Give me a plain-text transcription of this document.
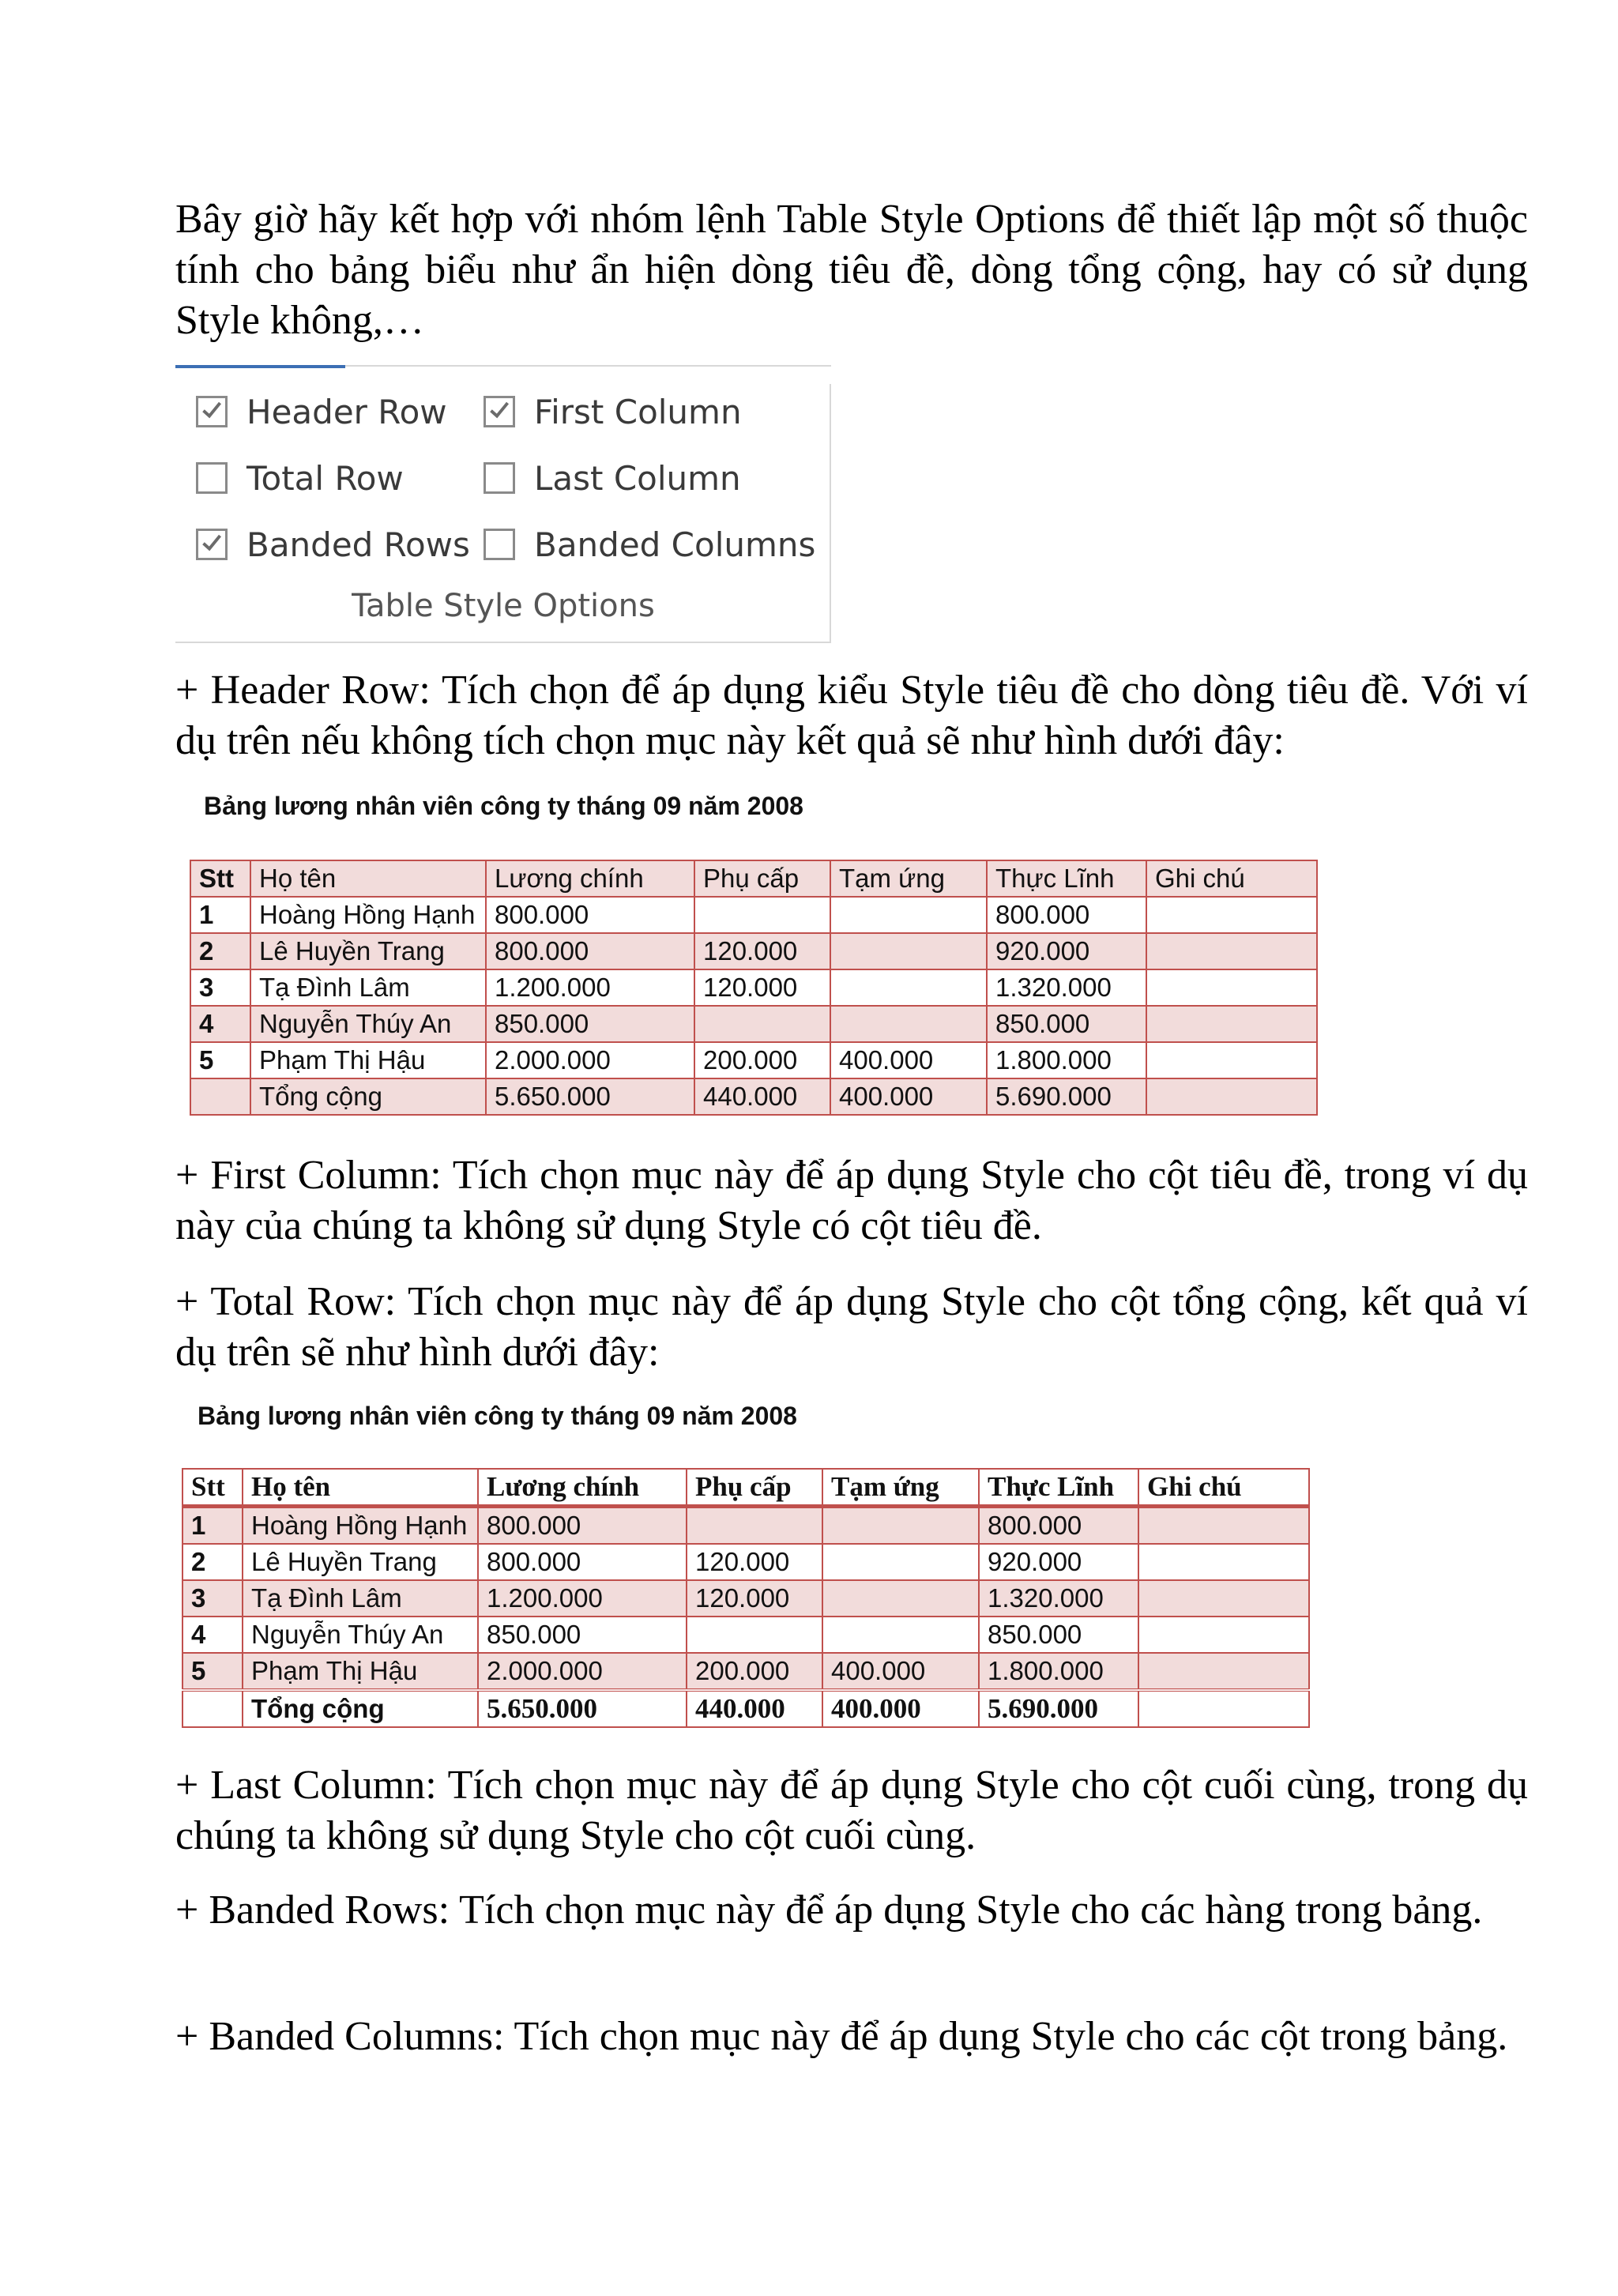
Bây giờ hãy kết hợp với nhóm lệnh Table Style Options để thiết lập một số thuộc tính cho bảng biểu như ẩn hiện dòng tiêu đề, dòng tổng cộng, hay có sử dụng Style không,…
Header Row	First Column
Total Row	Last Column
Banded Rows Banded Columns
Table Style Options
+ Header Row: Tích chọn để áp dụng kiểu Style tiêu đề cho dòng tiêu đề. Với ví dụ trên nếu không tích chọn mục này kết quả sẽ như hình dưới đây:
Bảng lương nhân viên công ty tháng 09 năm 2008
Stt	Họ tên	Lương chính	Phụ cấp	Tạm ứng	Thực Lĩnh	Ghi chú
1	Hoàng Hồng Hạnh	800.000			800.000	
2	Lê Huyền Trang	800.000	120.000		920.000	
3	Tạ Đình Lâm	1.200.000	120.000		1.320.000	
4	Nguyễn Thúy An	850.000			850.000	
5	Phạm Thị Hậu	2.000.000	200.000	400.000	1.800.000	
	Tổng cộng	5.650.000	440.000	400.000	5.690.000	
+ First Column: Tích chọn mục này để áp dụng Style cho cột tiêu đề, trong ví dụ này của chúng ta không sử dụng Style có cột tiêu đề.
+ Total Row: Tích chọn mục này để áp dụng Style cho cột tổng cộng, kết quả ví dụ trên sẽ như hình dưới đây:
Bảng lương nhân viên công ty tháng 09 năm 2008
Stt	Họ tên	Lương chính	Phụ cấp	Tạm ứng	Thực Lĩnh	Ghi chú
1	Hoàng Hồng Hạnh	800.000			800.000	
2	Lê Huyền Trang	800.000	120.000		920.000	
3	Tạ Đình Lâm	1.200.000	120.000		1.320.000	
4	Nguyễn Thúy An	850.000			850.000	
5	Phạm Thị Hậu	2.000.000	200.000	400.000	1.800.000	
	Tổng cộng	5.650.000	440.000	400.000	5.690.000	
+ Last Column: Tích chọn mục này để áp dụng Style cho cột cuối cùng, trong dụ chúng ta không sử dụng Style cho cột cuối cùng.
+ Banded Rows: Tích chọn mục này để áp dụng Style cho các hàng trong bảng.
+ Banded Columns: Tích chọn mục này để áp dụng Style cho các cột trong bảng.
